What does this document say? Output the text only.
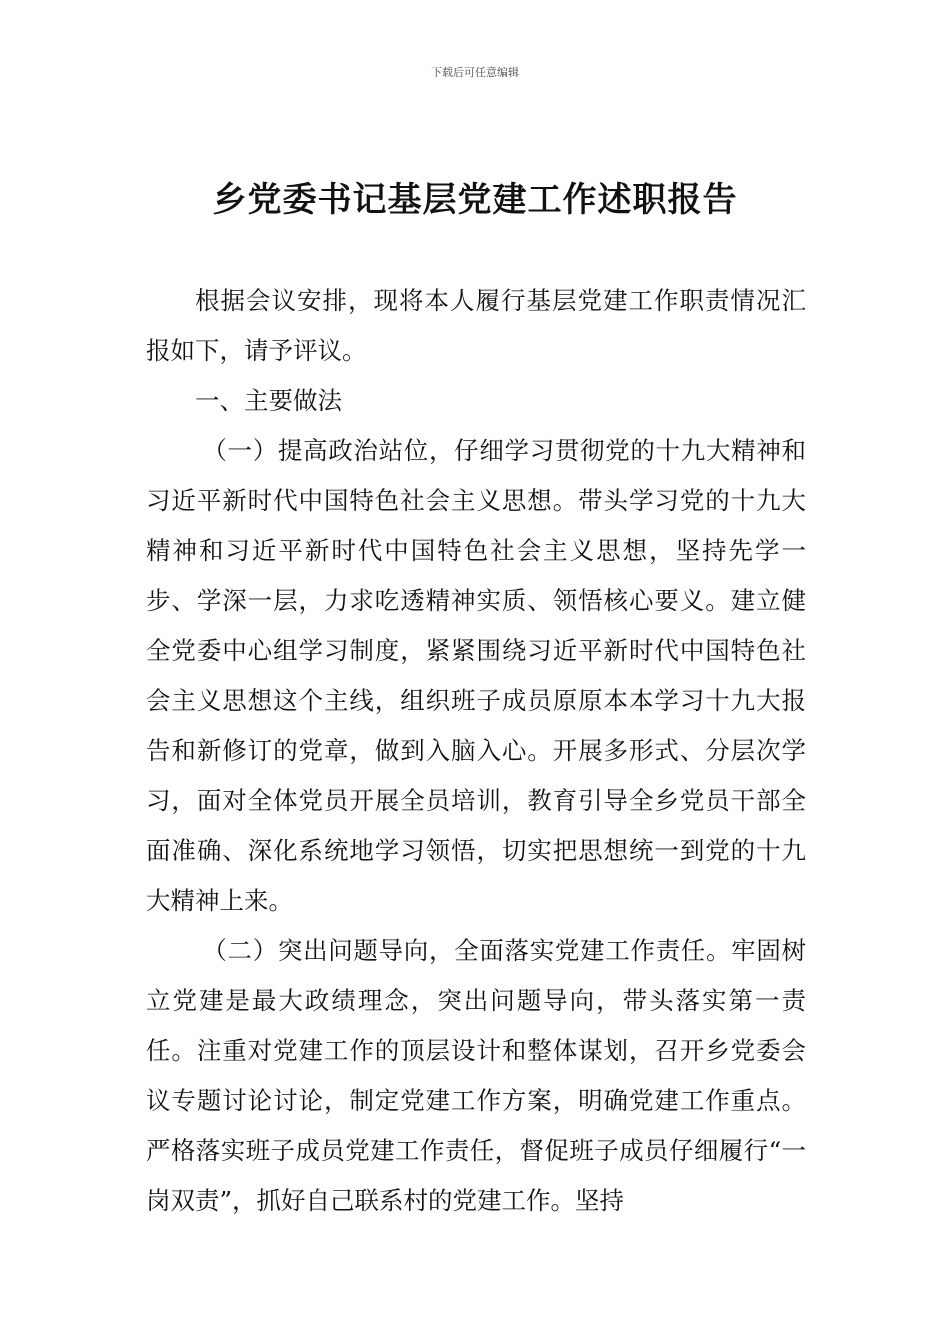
下载后可任意编辑
乡党委书记基层党建工作述职报告

根据会议安排，现将本人履行基层党建工作职责情况汇报如下，请予评议。

一、主要做法

（一）提高政治站位，仔细学习贯彻党的十九大精神和习近平新时代中国特色社会主义思想。带头学习党的十九大精神和习近平新时代中国特色社会主义思想，坚持先学一步、学深一层，力求吃透精神实质、领悟核心要义。建立健全党委中心组学习制度，紧紧围绕习近平新时代中国特色社会主义思想这个主线，组织班子成员原原本本学习十九大报告和新修订的党章，做到入脑入心。开展多形式、分层次学习，面对全体党员开展全员培训，教育引导全乡党员干部全面准确、深化系统地学习领悟，切实把思想统一到党的十九大精神上来。

（二）突出问题导向，全面落实党建工作责任。牢固树立党建是最大政绩理念，突出问题导向，带头落实第一责任。注重对党建工作的顶层设计和整体谋划，召开乡党委会议专题讨论讨论，制定党建工作方案，明确党建工作重点。严格落实班子成员党建工作责任，督促班子成员仔细履行“一岗双责”，抓好自己联系村的党建工作。坚持
